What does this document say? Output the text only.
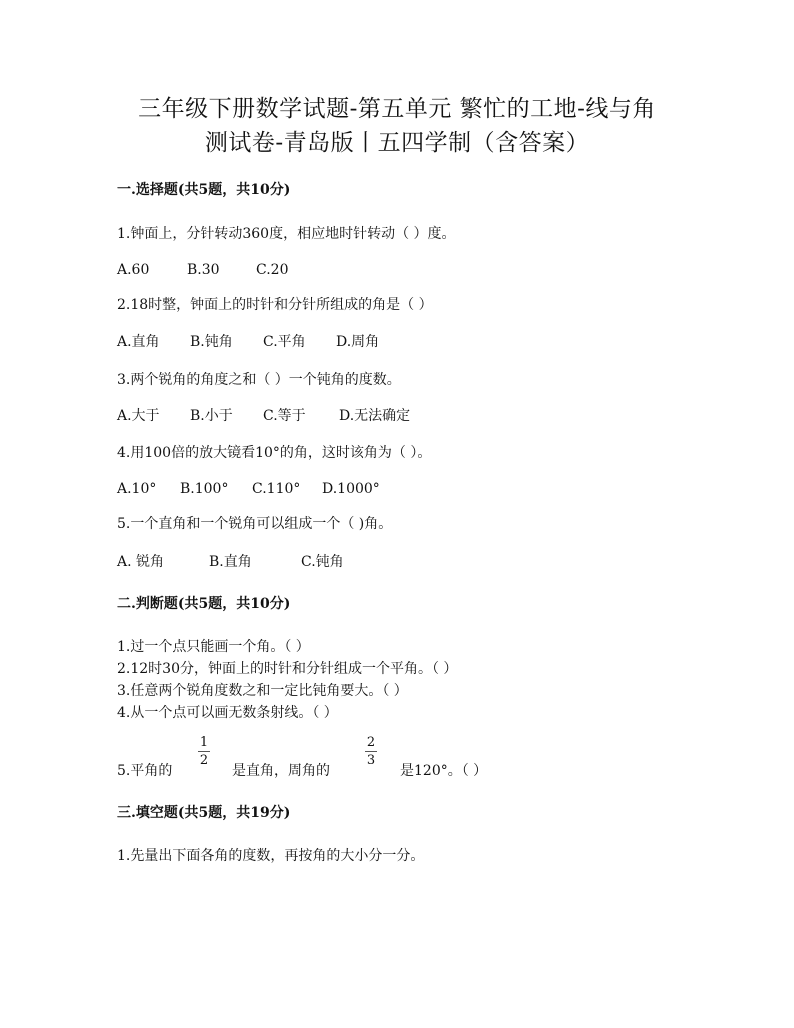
三年级下册数学试题-第五单元 繁忙的工地-线与角
测试卷-青岛版丨五四学制（含答案）
一.选择题(共5题，共10分)
1.钟面上，分针转动360度，相应地时针转动（ ）度。
A.60	B.30	C.20
2.18时整，钟面上的时针和分针所组成的角是（ ）
A.直角 B.钝角 C.平角 D.周角
3.两个锐角的角度之和（ ）一个钝角的度数。
A.大于 B.小于 C.等于 D.无法确定
4.用100倍的放大镜看10°的角，这时该角为（ ）。
A.10° B.100° C.110° D.1000°
5.一个直角和一个锐角可以组成一个（ )角。
A. 锐角	B.直角	C.钝角
二.判断题(共5题，共10分)
1.过一个点只能画一个角。（ ）
2.12时30分，钟面上的时针和分针组成一个平角。（ ）
3.任意两个锐角度数之和一定比钝角要大。（ ）
4.从一个点可以画无数条射线。（ ）
5.平角的
1
2
是直角，周角的
2
3
是120°。（ ）
三.填空题(共5题，共19分)
1.先量出下面各角的度数，再按角的大小分一分。
